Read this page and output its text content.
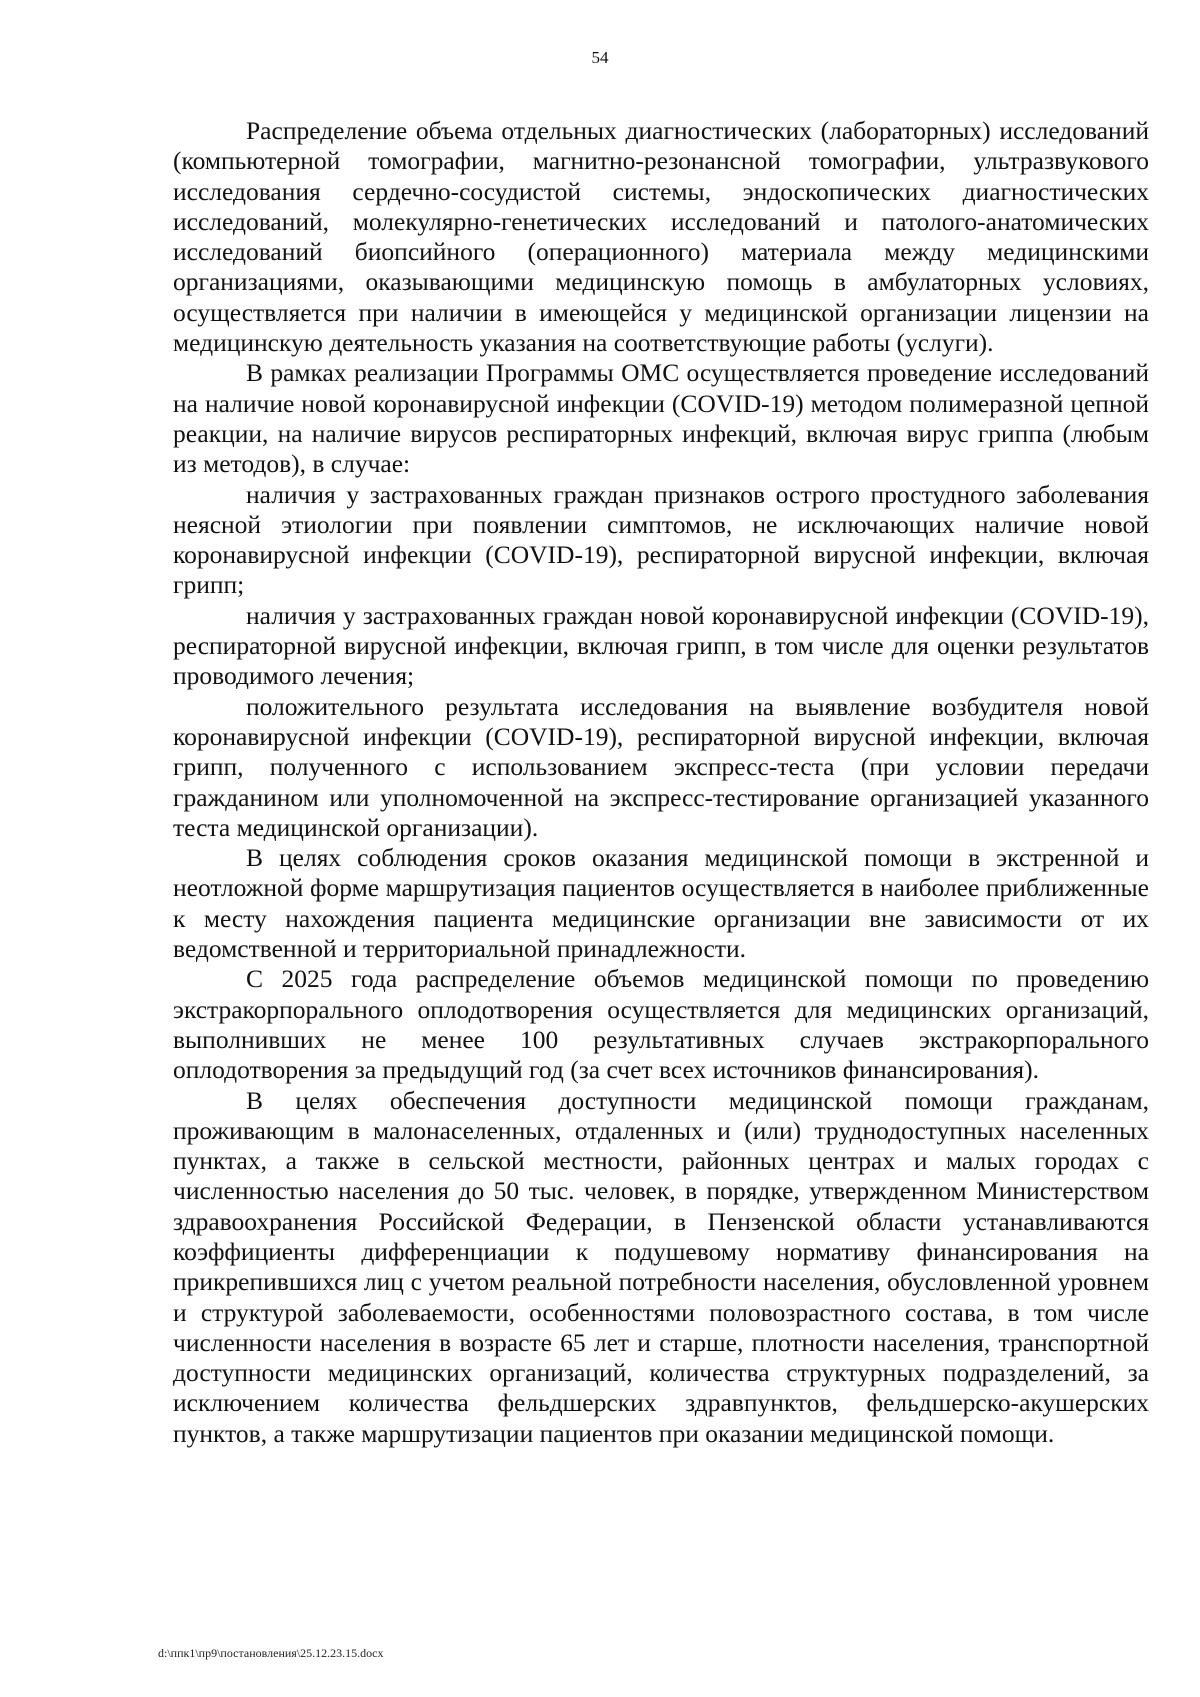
54

Распределение объема отдельных диагностических (лабораторных) исследований (компьютерной томографии, магнитно-резонансной томографии, ультразвукового исследования сердечно-сосудистой системы, эндоскопических диагностических исследований, молекулярно-генетических исследований и патолого-анатомических исследований биопсийного (операционного) материала между медицинскими организациями, оказывающими медицинскую помощь в амбулаторных условиях, осуществляется при наличии в имеющейся у медицинской организации лицензии на медицинскую деятельность указания на соответствующие работы (услуги).

В рамках реализации Программы ОМС осуществляется проведение исследований на наличие новой коронавирусной инфекции (COVID-19) методом полимеразной цепной реакции, на наличие вирусов респираторных инфекций, включая вирус гриппа (любым из методов), в случае:

наличия у застрахованных граждан признаков острого простудного заболевания неясной этиологии при появлении симптомов, не исключающих наличие новой коронавирусной инфекции (COVID-19), респираторной вирусной инфекции, включая грипп;

наличия у застрахованных граждан новой коронавирусной инфекции (COVID-19), респираторной вирусной инфекции, включая грипп, в том числе для оценки результатов проводимого лечения;

положительного результата исследования на выявление возбудителя новой коронавирусной инфекции (COVID-19), респираторной вирусной инфекции, включая грипп, полученного с использованием экспресс-теста (при условии передачи гражданином или уполномоченной на экспресс-тестирование организацией указанного теста медицинской организации).

В целях соблюдения сроков оказания медицинской помощи в экстренной и неотложной форме маршрутизация пациентов осуществляется в наиболее приближенные к месту нахождения пациента медицинские организации вне зависимости от их ведомственной и территориальной принадлежности.

С 2025 года распределение объемов медицинской помощи по проведению экстракорпорального оплодотворения осуществляется для медицинских организаций, выполнивших не менее 100 результативных случаев экстракорпорального оплодотворения за предыдущий год (за счет всех источников финансирования).

В целях обеспечения доступности медицинской помощи гражданам, проживающим в малонаселенных, отдаленных и (или) труднодоступных населенных пунктах, а также в сельской местности, районных центрах и малых городах с численностью населения до 50 тыс. человек, в порядке, утвержденном Министерством здравоохранения Российской Федерации, в Пензенской области устанавливаются коэффициенты дифференциации к подушевому нормативу финансирования на прикрепившихся лиц с учетом реальной потребности населения, обусловленной уровнем и структурой заболеваемости, особенностями половозрастного состава, в том числе численности населения в возрасте 65 лет и старше, плотности населения, транспортной доступности медицинских организаций, количества структурных подразделений, за исключением количества фельдшерских здравпунктов, фельдшерско-акушерских пунктов, а также маршрутизации пациентов при оказании медицинской помощи.

d:\ппк1\пр9\постановления\25.12.23.15.docx
